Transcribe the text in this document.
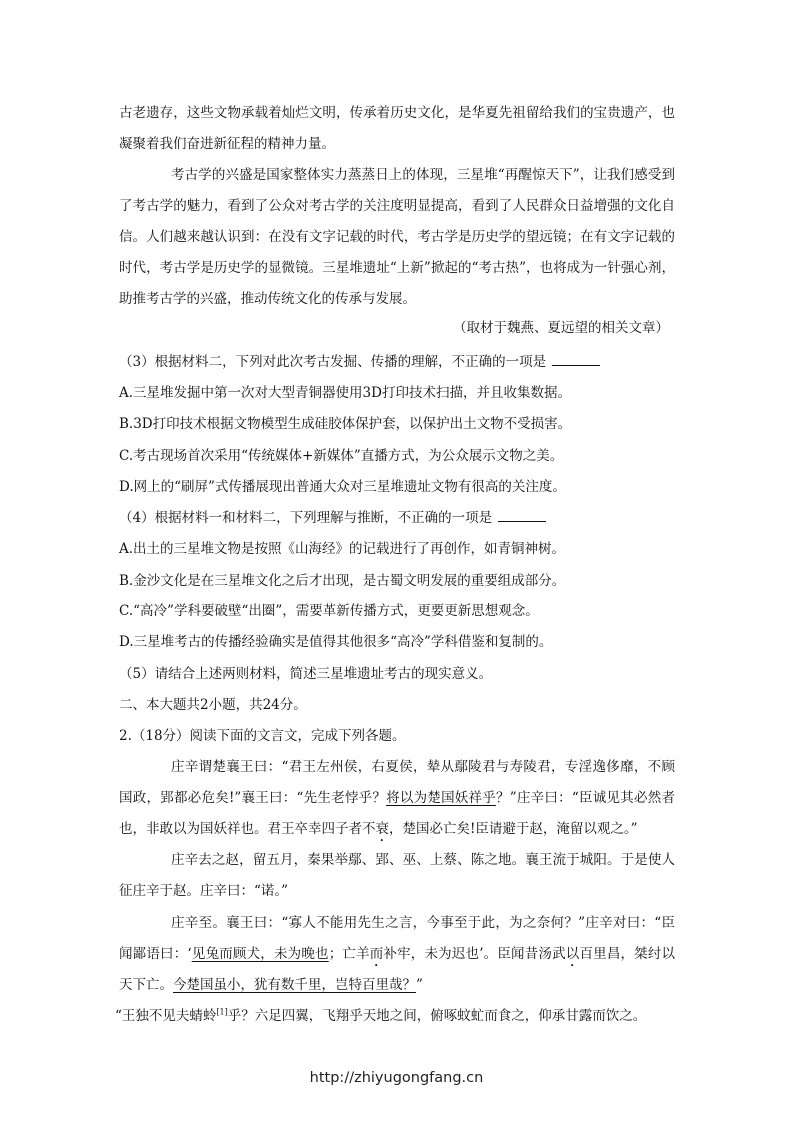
古老遗存，这些文物承载着灿烂文明，传承着历史文化，是华夏先祖留给我们的宝贵遗产，也凝聚着我们奋进新征程的精神力量。

考古学的兴盛是国家整体实力蒸蒸日上的体现，三星堆“再醒惊天下”，让我们感受到了考古学的魅力，看到了公众对考古学的关注度明显提高，看到了人民群众日益增强的文化自信。人们越来越认识到：在没有文字记载的时代，考古学是历史学的望远镜；在有文字记载的时代，考古学是历史学的显微镜。三星堆遗址“上新”掀起的“考古热”，也将成为一针强心剂，助推考古学的兴盛，推动传统文化的传承与发展。

（取材于魏燕、夏远望的相关文章）

（3）根据材料二，下列对此次考古发掘、传播的理解，不正确的一项是

A.三星堆发掘中第一次对大型青铜器使用3D打印技术扫描，并且收集数据。

B.3D打印技术根据文物模型生成硅胶体保护套，以保护出土文物不受损害。

C.考古现场首次采用“传统媒体+新媒体”直播方式，为公众展示文物之美。

D.网上的“刷屏”式传播展现出普通大众对三星堆遗址文物有很高的关注度。

（4）根据材料一和材料二，下列理解与推断，不正确的一项是

A.出土的三星堆文物是按照《山海经》的记载进行了再创作，如青铜神树。

B.金沙文化是在三星堆文化之后才出现，是古蜀文明发展的重要组成部分。

C.“高冷”学科要破壁“出圈”，需要革新传播方式，更要更新思想观念。

D.三星堆考古的传播经验确实是值得其他很多“高冷”学科借鉴和复制的。

（5）请结合上述两则材料，简述三星堆遗址考古的现实意义。

二、本大题共2小题，共24分。

2.（18分）阅读下面的文言文，完成下列各题。

庄辛谓楚襄王曰：“君王左州侯，右夏侯，辇从鄢陵君与寿陵君，专淫逸侈靡，不顾国政，郢都必危矣!”襄王曰：“先生老悖乎？将以为楚国妖祥乎？”庄辛曰：“臣诚见其必然者也，非敢以为国妖祥也。君王卒幸四子者不衰，楚国必亡矣!臣请避于赵，淹留以观之。”

庄辛去之赵，留五月，秦果举鄢、郢、巫、上蔡、陈之地。襄王流于城阳。于是使人征庄辛于赵。庄辛曰：“诺。”

庄辛至。襄王曰：“寡人不能用先生之言，今事至于此，为之奈何？”庄辛对曰：“臣闻鄙语曰：‘见兔而顾犬，未为晚也；亡羊而补牢，未为迟也’。臣闻昔汤武以百里昌，桀纣以天下亡。今楚国虽小，犹有数千里，岂特百里哉？”

“王独不见夫蜻蛉[1]乎？六足四翼，飞翔乎天地之间，俯啄蚊虻而食之，仰承甘露而饮之。

http://zhiyugongfang.cn
